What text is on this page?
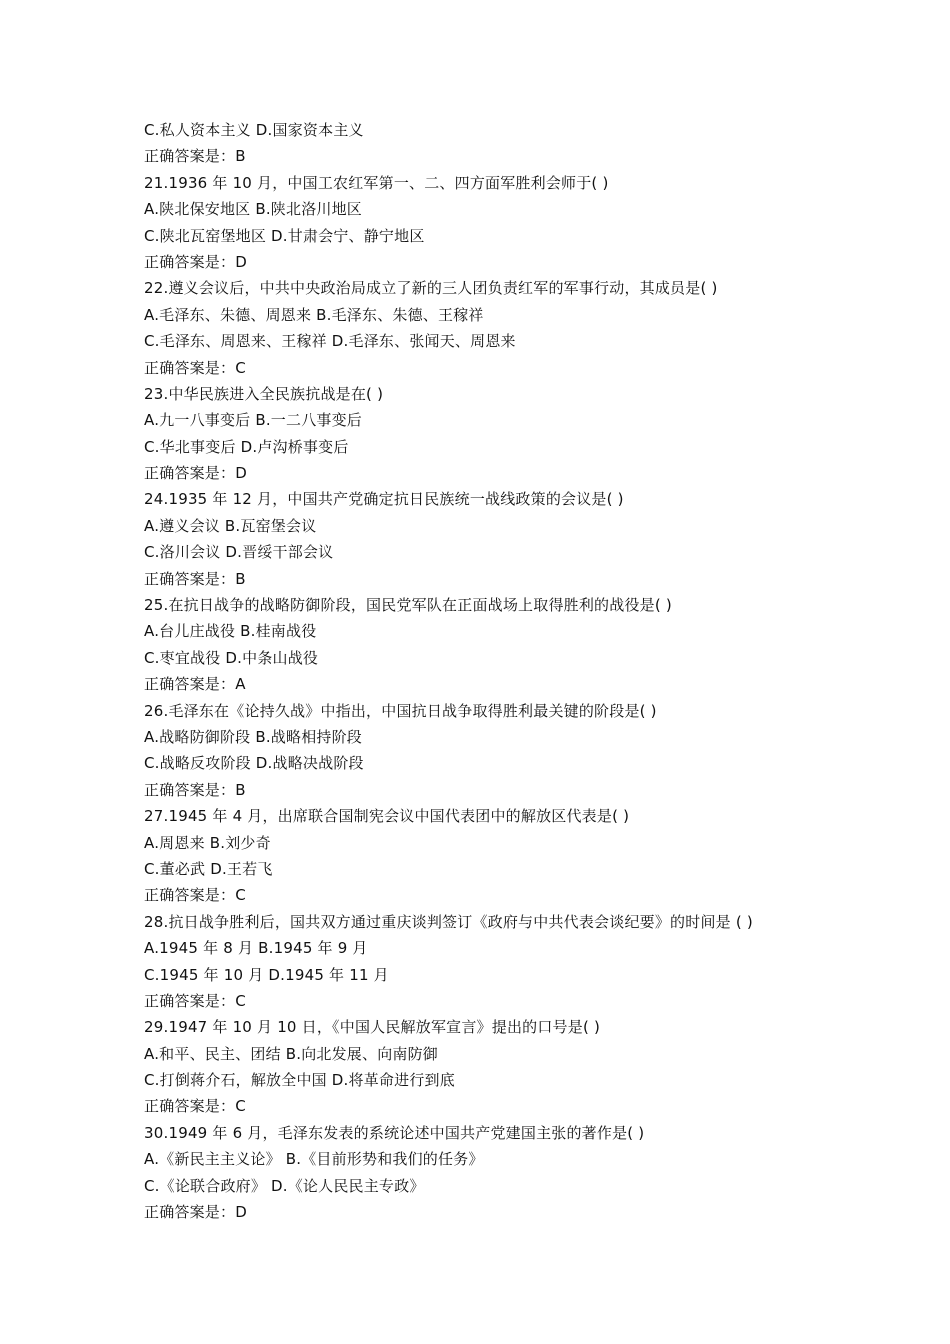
C.私人资本主义 D.国家资本主义
正确答案是：B
21.1936 年 10 月，中国工农红军第一、二、四方面军胜利会师于( )
A.陕北保安地区 B.陕北洛川地区
C.陕北瓦窑堡地区 D.甘肃会宁、静宁地区
正确答案是：D
22.遵义会议后，中共中央政治局成立了新的三人团负责红军的军事行动，其成员是( )
A.毛泽东、朱德、周恩来 B.毛泽东、朱德、王稼祥
C.毛泽东、周恩来、王稼祥 D.毛泽东、张闻天、周恩来
正确答案是：C
23.中华民族进入全民族抗战是在( )
A.九一八事变后 B.一二八事变后
C.华北事变后 D.卢沟桥事变后
正确答案是：D
24.1935 年 12 月，中国共产党确定抗日民族统一战线政策的会议是( )
A.遵义会议 B.瓦窑堡会议
C.洛川会议 D.晋绥干部会议
正确答案是：B
25.在抗日战争的战略防御阶段，国民党军队在正面战场上取得胜利的战役是( )
A.台儿庄战役 B.桂南战役
C.枣宜战役 D.中条山战役
正确答案是：A
26.毛泽东在《论持久战》中指出，中国抗日战争取得胜利最关键的阶段是( )
A.战略防御阶段 B.战略相持阶段
C.战略反攻阶段 D.战略决战阶段
正确答案是：B
27.1945 年 4 月，出席联合国制宪会议中国代表团中的解放区代表是( )
A.周恩来 B.刘少奇
C.董必武 D.王若飞
正确答案是：C
28.抗日战争胜利后，国共双方通过重庆谈判签订《政府与中共代表会谈纪要》的时间是 ( )
A.1945 年 8 月 B.1945 年 9 月
C.1945 年 10 月 D.1945 年 11 月
正确答案是：C
29.1947 年 10 月 10 日，《中国人民解放军宣言》提出的口号是( )
A.和平、民主、团结 B.向北发展、向南防御
C.打倒蒋介石，解放全中国 D.将革命进行到底
正确答案是：C
30.1949 年 6 月，毛泽东发表的系统论述中国共产党建国主张的著作是( )
A.《新民主主义论》 B.《目前形势和我们的任务》
C.《论联合政府》 D.《论人民民主专政》
正确答案是：D
